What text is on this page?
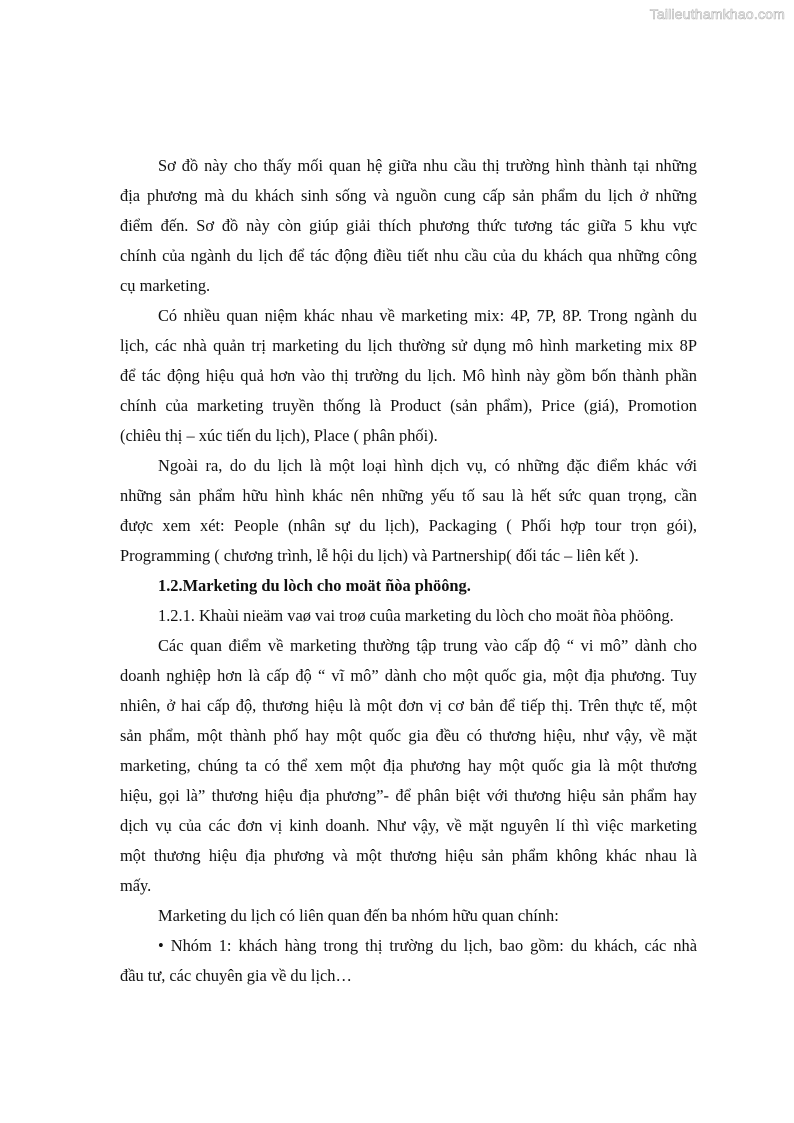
Tailieuthamkhao.com
Sơ đồ này cho thấy mối quan hệ giữa nhu cầu thị trường hình thành tại những
địa phương mà du khách sinh sống và nguồn cung cấp sản phẩm du lịch ở những
điểm đến. Sơ đồ này còn giúp giải thích phương thức tương tác giữa 5 khu vực
chính của ngành du lịch để tác động điều tiết nhu cầu của du khách qua những công
cụ marketing.
Có nhiều quan niệm khác nhau về marketing mix: 4P, 7P, 8P. Trong ngành du
lịch, các nhà quản trị marketing du lịch thường sử dụng mô hình marketing mix 8P
để tác động hiệu quả hơn vào thị trường du lịch. Mô hình này gồm bốn thành phần
chính của marketing truyền thống là Product (sản phẩm), Price (giá), Promotion
(chiêu thị – xúc tiến du lịch), Place ( phân phối).
Ngoài ra, do du lịch là một loại hình dịch vụ, có những đặc điểm khác với
những sản phẩm hữu hình khác nên những yếu tố sau là hết sức quan trọng, cần
được xem xét: People (nhân sự du lịch), Packaging ( Phối hợp tour trọn gói),
Programming ( chương trình, lễ hội du lịch) và Partnership( đối tác – liên kết ).
1.2.Marketing du lòch cho moät ñòa phöông.
1.2.1. Khaùi nieäm vaø vai troø cuûa marketing du lòch cho moät ñòa phöông.
Các quan điểm về marketing thường tập trung vào cấp độ “ vi mô” dành cho
doanh nghiệp hơn là cấp độ “ vĩ mô” dành cho một quốc gia, một địa phương. Tuy
nhiên, ở hai cấp độ, thương hiệu là một đơn vị cơ bản để tiếp thị. Trên thực tế, một
sản phẩm, một thành phố hay một quốc gia đều có thương hiệu, như vậy, về mặt
marketing, chúng ta có thể xem một địa phương hay một quốc gia là một thương
hiệu, gọi là” thương hiệu địa phương”- để phân biệt với thương hiệu sản phẩm hay
dịch vụ của các đơn vị kinh doanh. Như vậy, về mặt nguyên lí thì việc marketing
một thương hiệu địa phương và một thương hiệu sản phẩm không khác nhau là
mấy.
Marketing du lịch có liên quan đến ba nhóm hữu quan chính:
• Nhóm 1: khách hàng trong thị trường du lịch, bao gồm: du khách, các nhà
đầu tư, các chuyên gia về du lịch…
